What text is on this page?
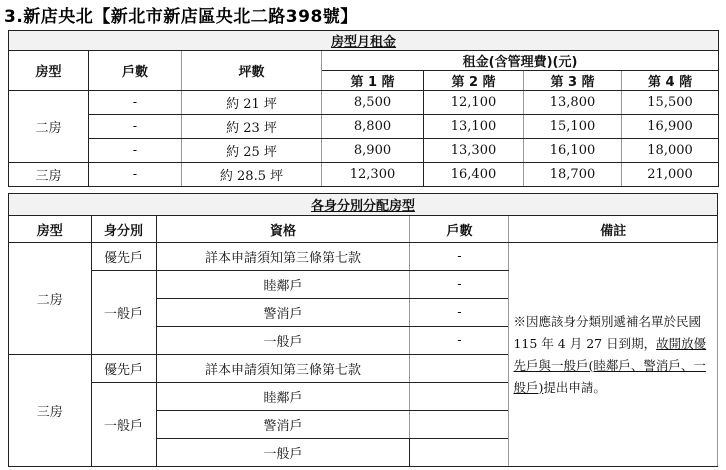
3.新店央北【新北市新店區央北二路398號】
房型月租金						
房型	戶數	坪數	租金(含管理費)(元)			
			第 1 階	第 2 階	第 3 階	第 4 階
二房	-	約 21 坪	8,500	12,100	13,800	15,500
	-	約 23 坪	8,800	13,100	15,100	16,900
	-	約 25 坪	8,900	13,300	16,100	18,000
三房	-	約 28.5 坪	12,300	16,400	18,700	21,000
各身分別分配房型				
房型	身分別	資格	戶數	備註
二房	優先戶	詳本申請須知第三條第七款	-	※因應該身分類別遞補名單於民國 115 年 4 月 27 日到期，故開放優先戶與一般戶(睦鄰戶、警消戶、一般戶)提出申請。
	一般戶	睦鄰戶	-	
		警消戶	-	
		一般戶	-	
三房	優先戶	詳本申請須知第三條第七款		
	一般戶	睦鄰戶		
		警消戶		
		一般戶		
